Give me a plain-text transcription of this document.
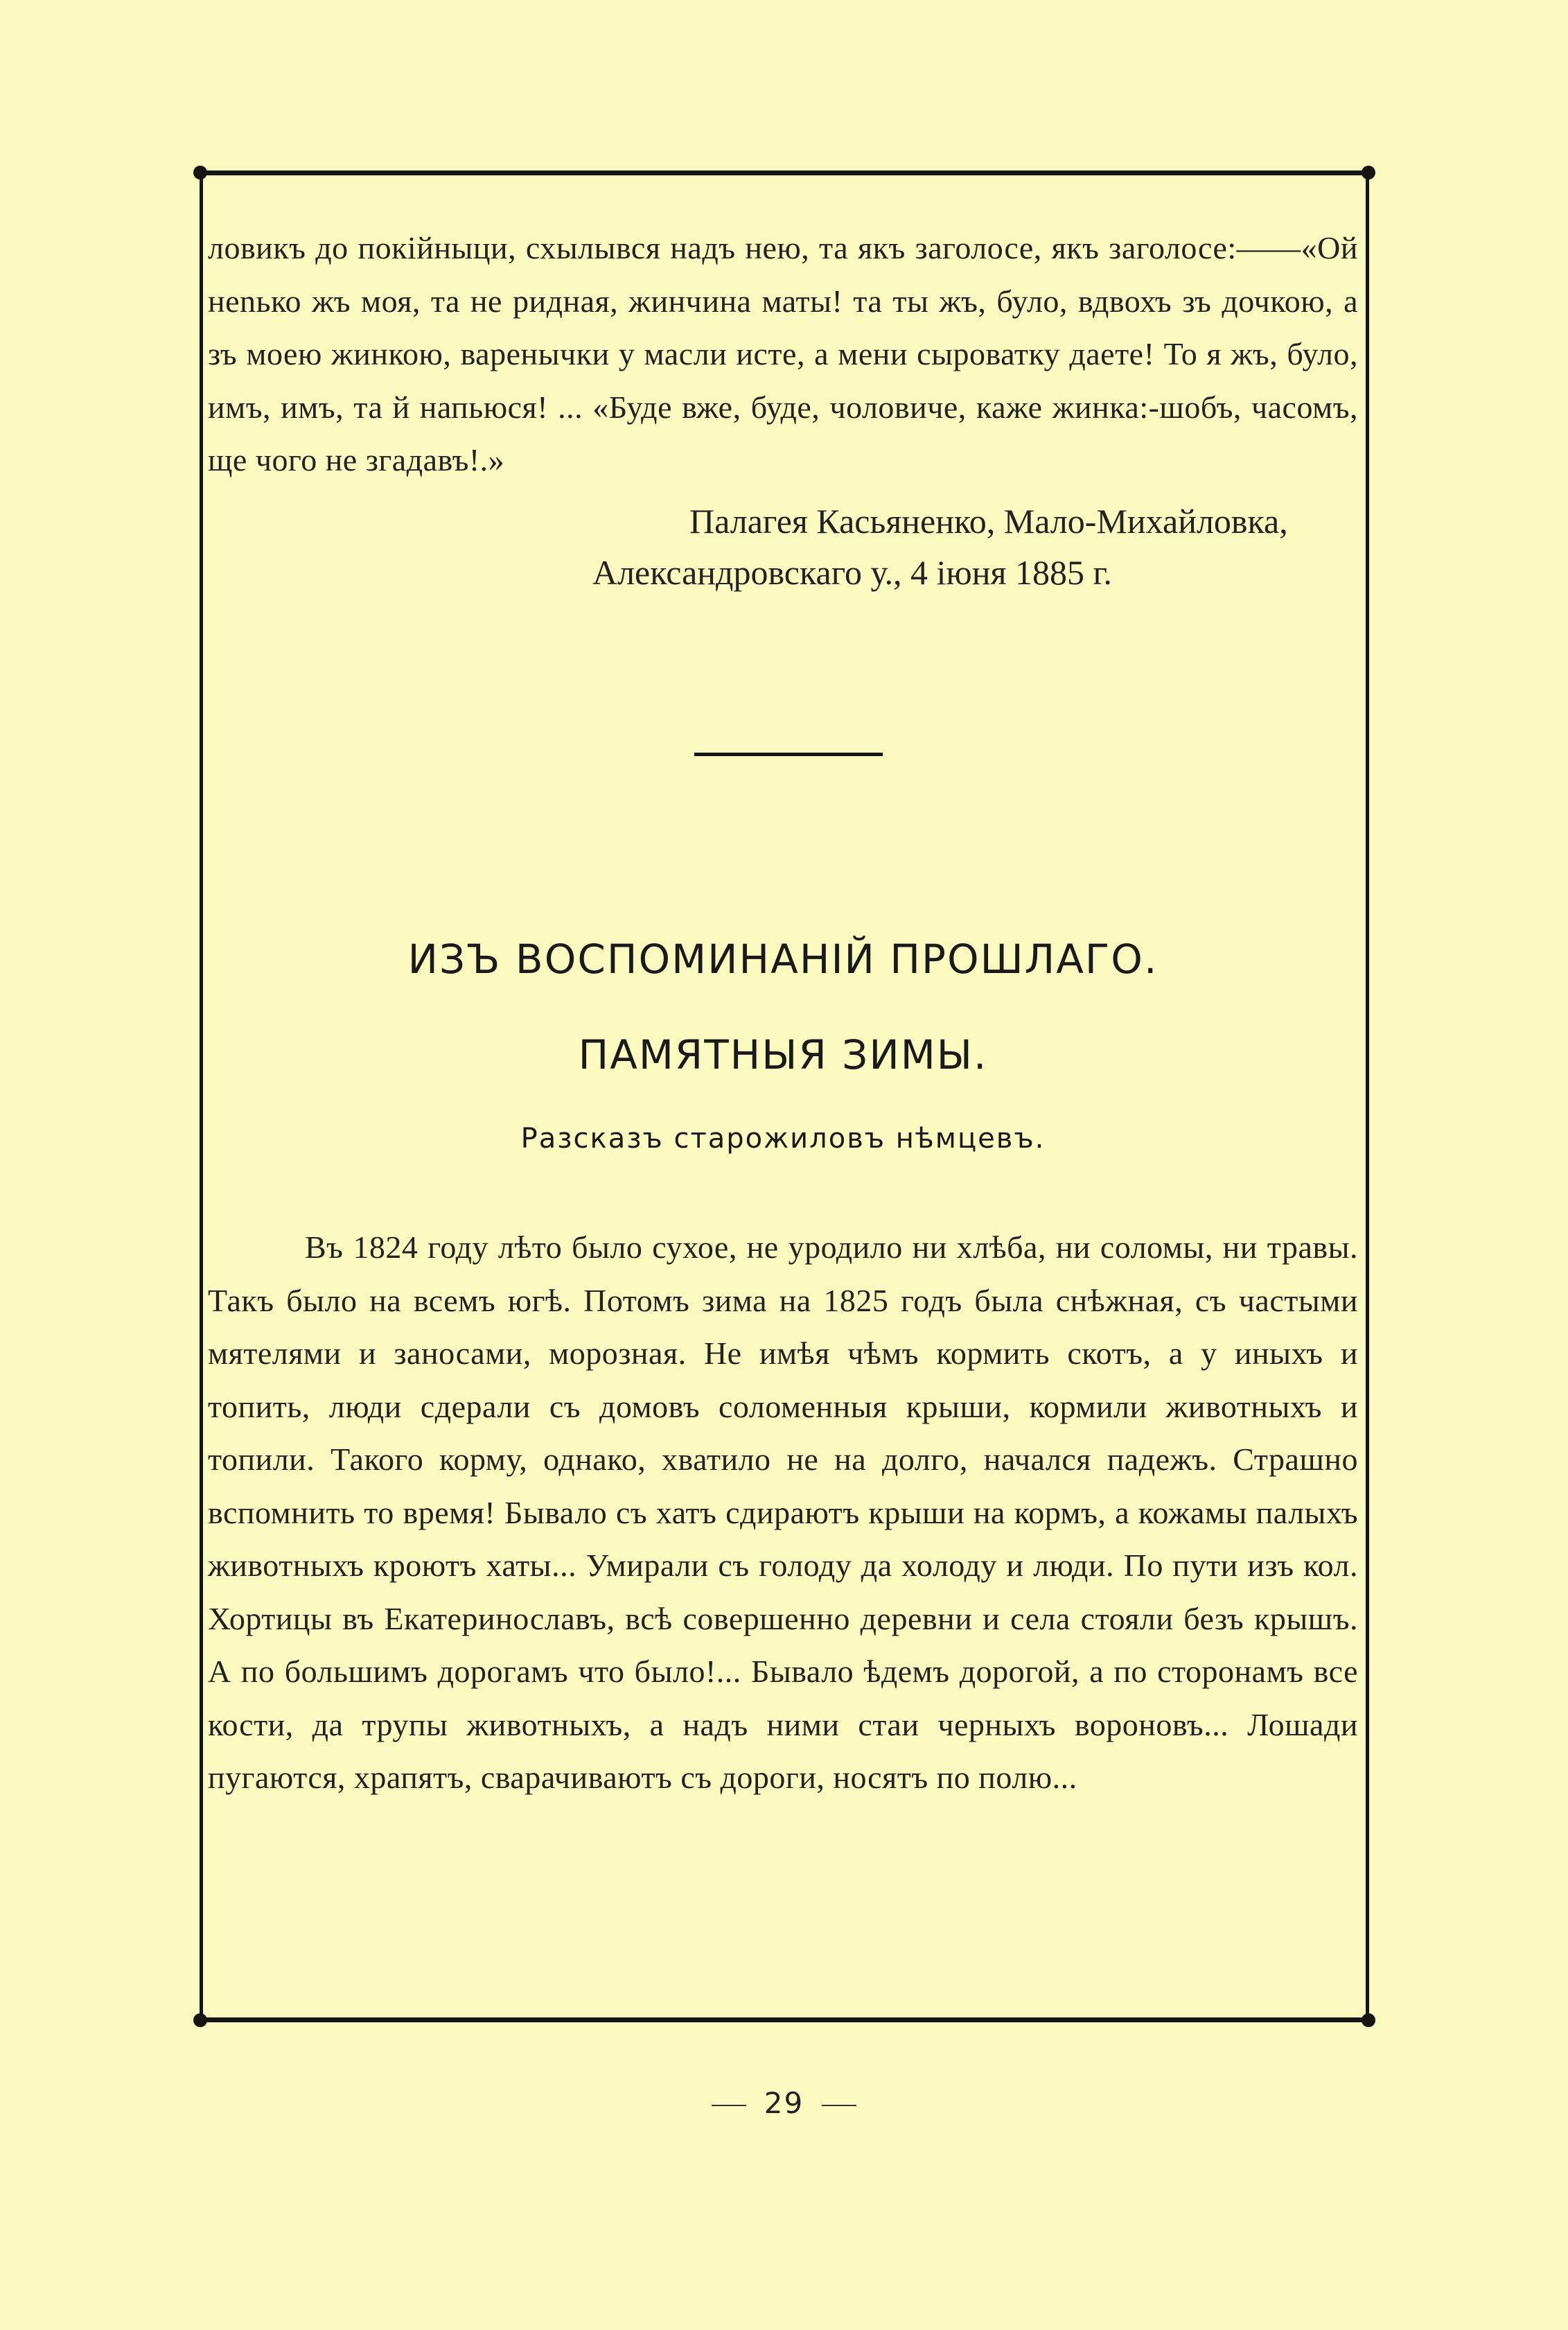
ловикъ до покійныци, схылывся надъ нею, та якъ заголосе, якъ заголосе:——«Ой нenько жъ моя, та не ридная, жинчина маты! та ты жъ, було, вдвохъ зъ дочкою, а зъ моею жинкою, варенычки у масли исте, а мени сыроватку даете! То я жъ, було, имъ, имъ, та й напьюся! ... «Буде вже, буде, чоловиче, каже жинка:-шобъ, часомъ, ще чого не згадавъ!.»

Палагея Касьяненко, Мало-Михайловка,
Александровскаго у., 4 іюня 1885 г.
ИЗЪ ВОСПОМИНАНІЙ ПРОШЛАГО.
ПАМЯТНЫЯ ЗИМЫ.
Разсказъ старожиловъ нѣмцевъ.

Въ 1824 году лѣто было сухое, не уродило ни хлѣба, ни соломы, ни травы. Такъ было на всемъ югѣ. Потомъ зима на 1825 годъ была снѣжная, съ частыми мятелями и заносами, морозная. Не имѣя чѣмъ кормить скотъ, а у иныхъ и топить, люди сдерали съ домовъ соломенныя крыши, кормили животныхъ и топили. Такого корму, однако, хватило не на долго, начался падежъ. Страшно вспомнить то время! Бывало съ хатъ сдираютъ крыши на кормъ, а кожамы палыхъ животныхъ кроютъ хаты... Умирали съ голоду да холоду и люди. По пути изъ кол. Хортицы въ Екатеринославъ, всѣ совершенно деревни и села стояли безъ крышъ. А по большимъ дорогамъ что было!... Бывало ѣдемъ дорогой, а по сторонамъ все кости, да трупы животныхъ, а надъ ними стаи черныхъ вороновъ... Лошади пугаются, храпятъ, сварачиваютъ съ дороги, носятъ по полю...

29
